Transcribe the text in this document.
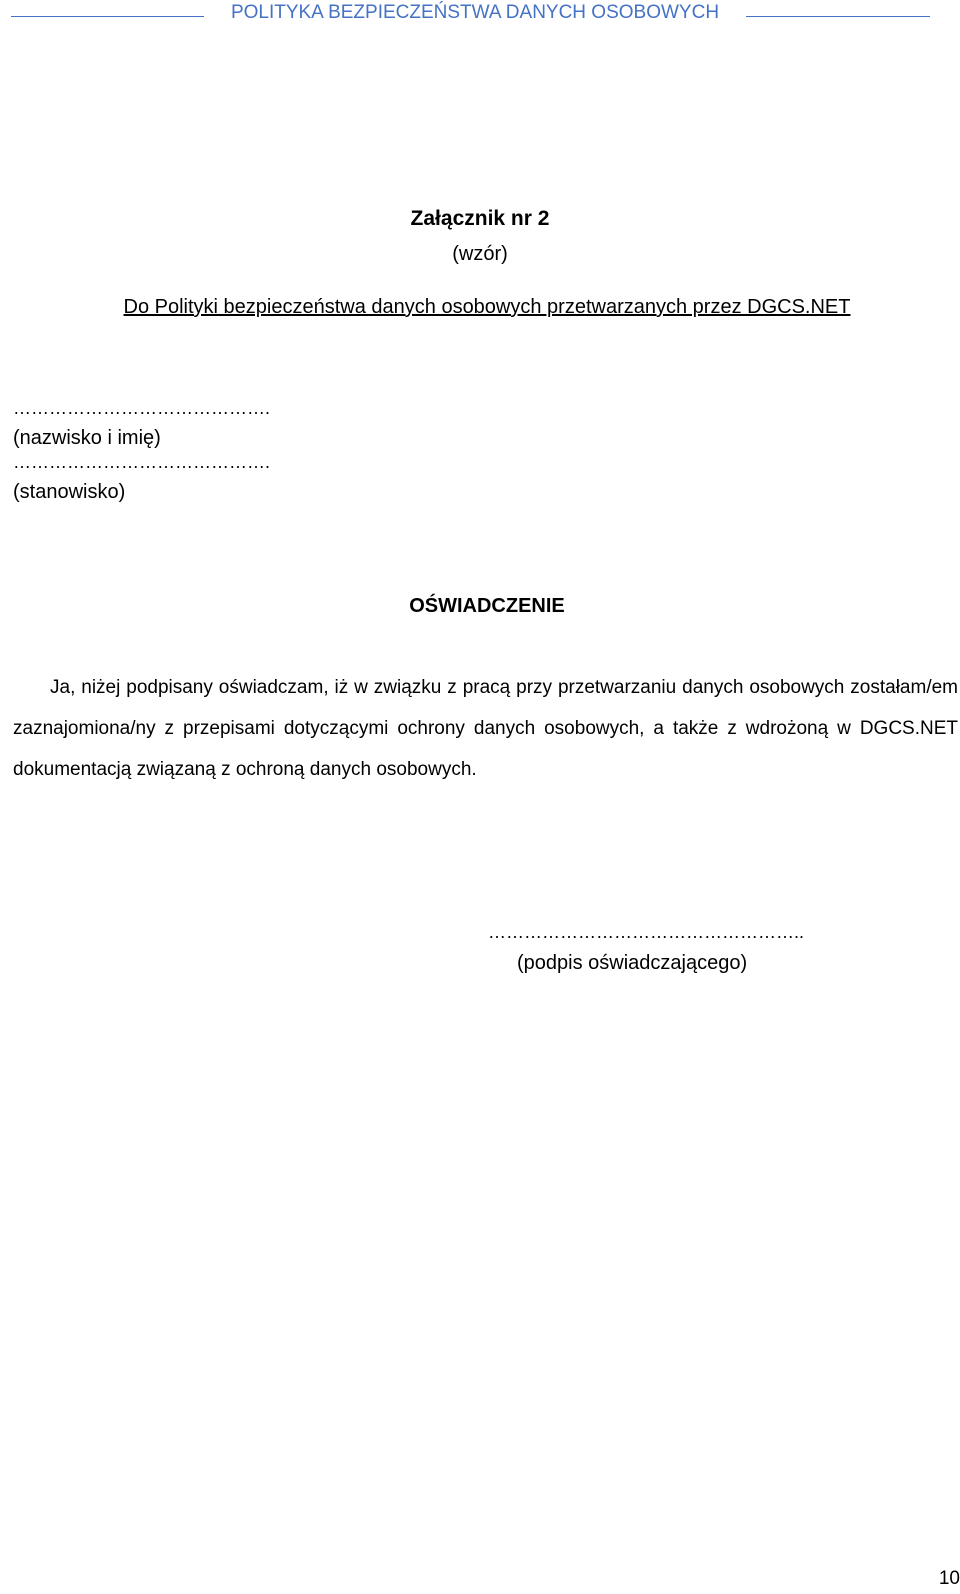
POLITYKA BEZPIECZEŃSTWA DANYCH OSOBOWYCH
Załącznik nr 2
(wzór)
Do Polityki bezpieczeństwa danych osobowych przetwarzanych przez DGCS.NET
…………………………………….
(nazwisko i imię)
…………………………………….
(stanowisko)
OŚWIADCZENIE
Ja, niżej podpisany oświadczam, iż w związku z pracą przy przetwarzaniu danych osobowych zostałam/em zaznajomiona/ny z przepisami dotyczącymi ochrony danych osobowych, a także z wdrożoną w DGCS.NET dokumentacją związaną z ochroną danych osobowych.
……………………………………………..
(podpis oświadczającego)
10
